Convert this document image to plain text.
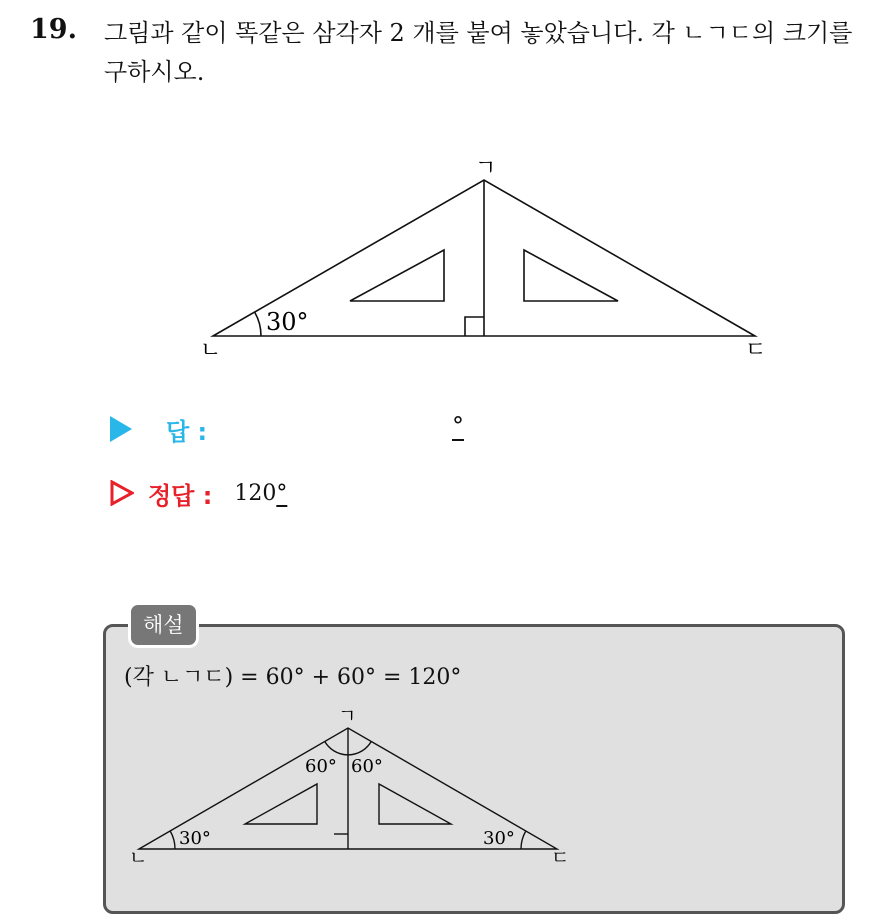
19. 그림과 같이 똑같은 삼각자 2 개를 붙여 놓았습니다. 각 ㄴㄱㄷ의 크기를 구하시오.
ㄱ
ㄴ	ㄷ
30°
답 :	°
정답 : 120°
해설
(각 ㄴㄱㄷ) = 60° + 60° = 120°
ㄱ
ㄴ	ㄷ
60° 60°
30°	30°
